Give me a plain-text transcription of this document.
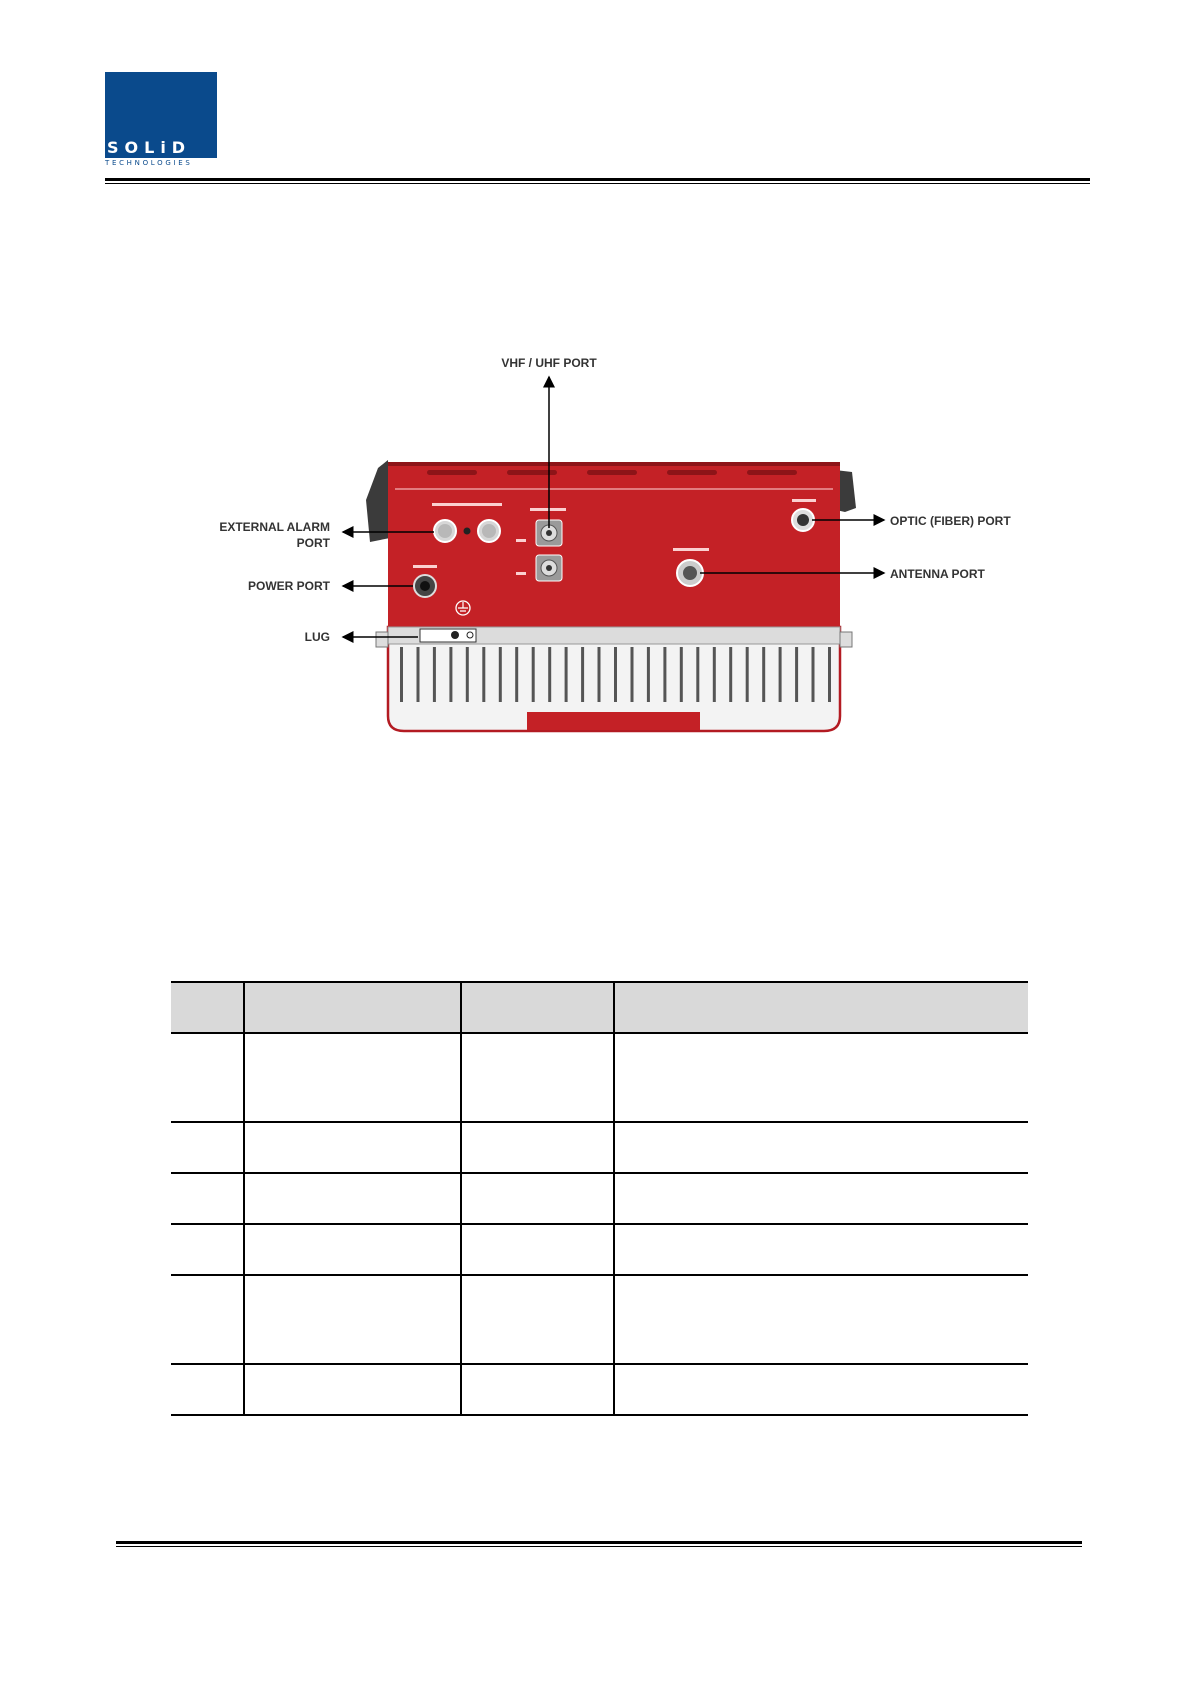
SOLiD
TECHNOLOGIES
VHF / UHF PORT
EXTERNAL ALARM
PORT
POWER PORT
LUG
OPTIC (FIBER) PORT
ANTENNA PORT
